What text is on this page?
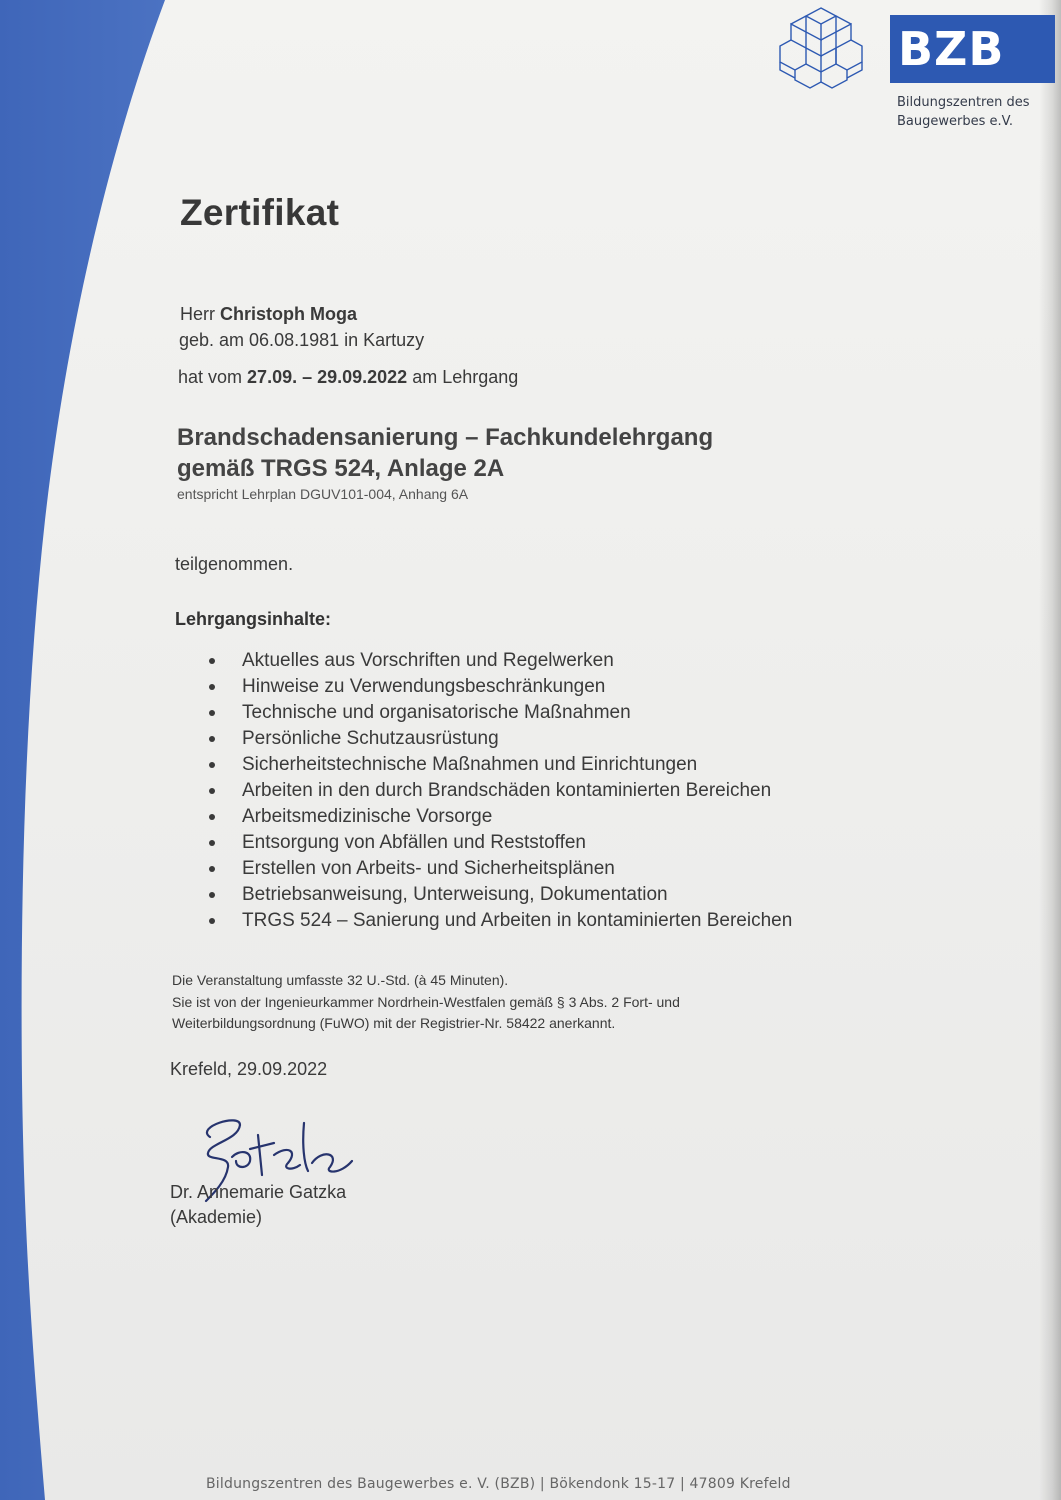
BZB
Bildungszentren des
Baugewerbes e.V.
Zertifikat
Herr Christoph Moga
geb. am 06.08.1981 in Kartuzy
hat vom 27.09. – 29.09.2022 am Lehrgang
Brandschadensanierung – Fachkundelehrgang
gemäß TRGS 524, Anlage 2A
entspricht Lehrplan DGUV101-004, Anhang 6A
teilgenommen.
Lehrgangsinhalte:
Aktuelles aus Vorschriften und Regelwerken
Hinweise zu Verwendungsbeschränkungen
Technische und organisatorische Maßnahmen
Persönliche Schutzausrüstung
Sicherheitstechnische Maßnahmen und Einrichtungen
Arbeiten in den durch Brandschäden kontaminierten Bereichen
Arbeitsmedizinische Vorsorge
Entsorgung von Abfällen und Reststoffen
Erstellen von Arbeits- und Sicherheitsplänen
Betriebsanweisung, Unterweisung, Dokumentation
TRGS 524 – Sanierung und Arbeiten in kontaminierten Bereichen
Die Veranstaltung umfasste 32 U.-Std. (à 45 Minuten).
Sie ist von der Ingenieurkammer Nordrhein-Westfalen gemäß § 3 Abs. 2 Fort- und
Weiterbildungsordnung (FuWO) mit der Registrier-Nr. 58422 anerkannt.
Krefeld, 29.09.2022
Dr. Annemarie Gatzka
(Akademie)
Bildungszentren des Baugewerbes e. V. (BZB) | Bökendonk 15-17 | 47809 Krefeld
